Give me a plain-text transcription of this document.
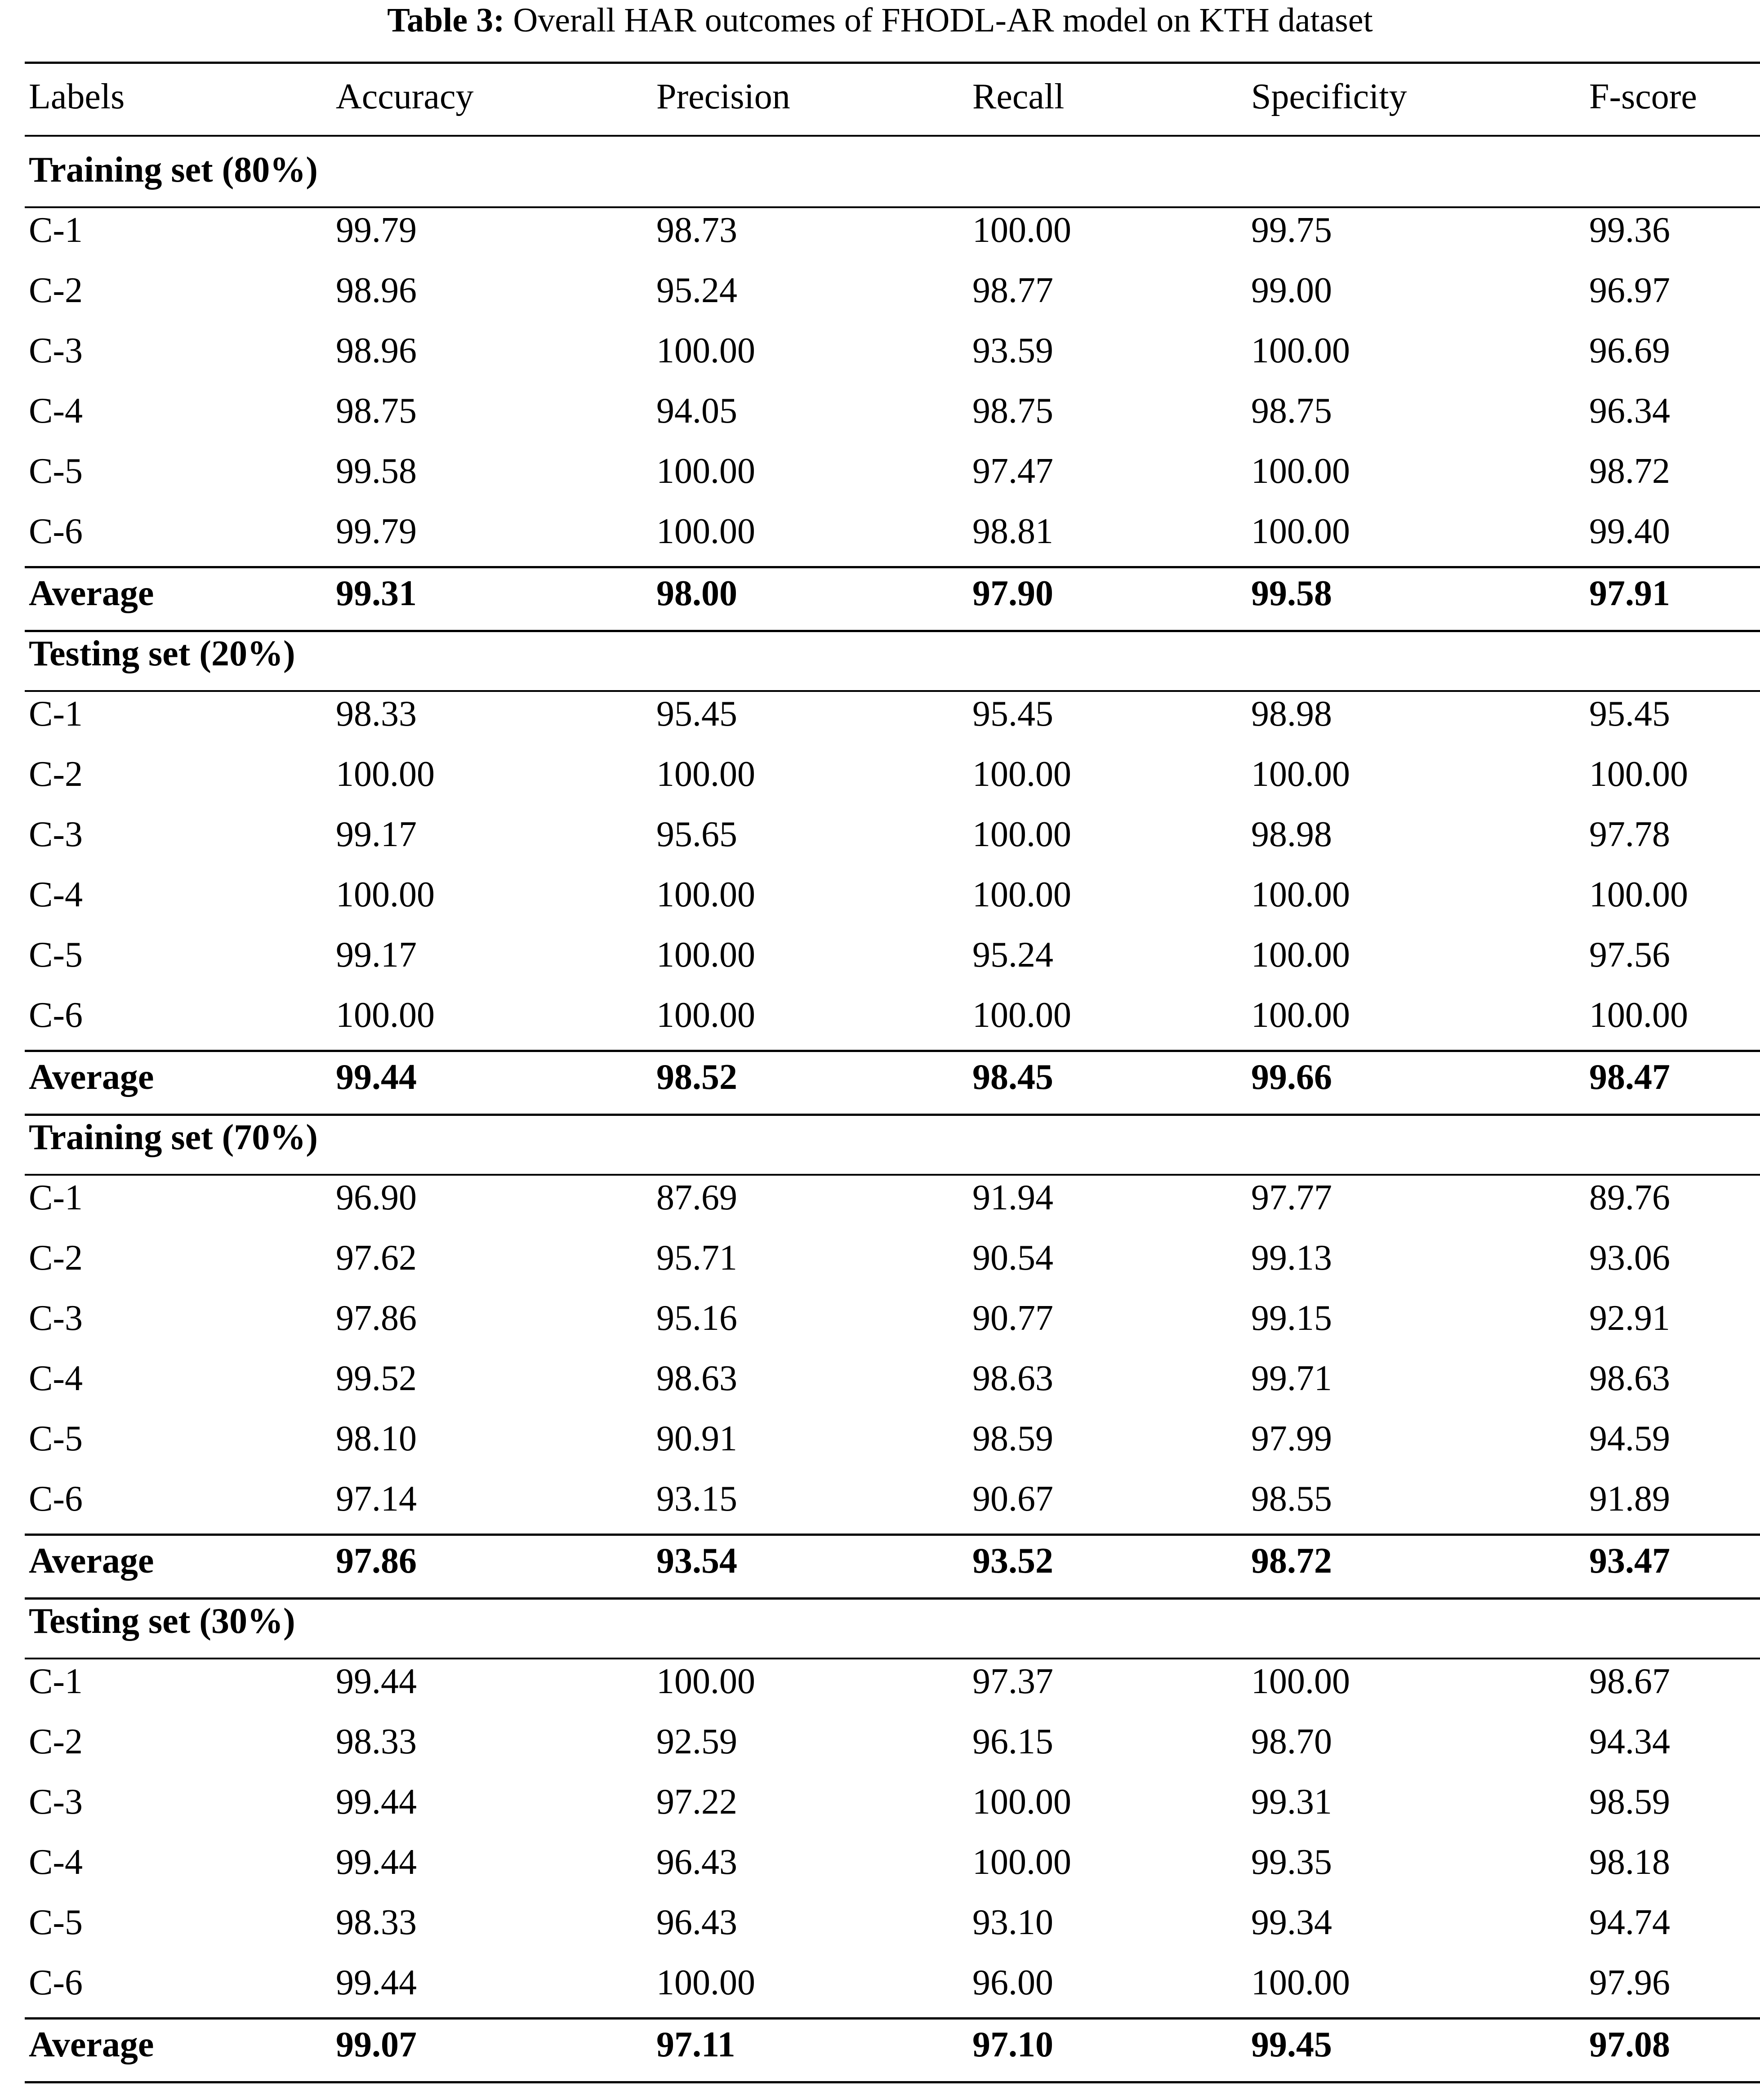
Table 3: Overall HAR outcomes of FHODL-AR model on KTH dataset
Labels	Accuracy	Precision	Recall	Specificity	F-score
Training set (80%)
C-1	99.79	98.73	100.00	99.75	99.36
C-2	98.96	95.24	98.77	99.00	96.97
C-3	98.96	100.00	93.59	100.00	96.69
C-4	98.75	94.05	98.75	98.75	96.34
C-5	99.58	100.00	97.47	100.00	98.72
C-6	99.79	100.00	98.81	100.00	99.40
Average	99.31	98.00	97.90	99.58	97.91
Testing set (20%)
C-1	98.33	95.45	95.45	98.98	95.45
C-2	100.00	100.00	100.00	100.00	100.00
C-3	99.17	95.65	100.00	98.98	97.78
C-4	100.00	100.00	100.00	100.00	100.00
C-5	99.17	100.00	95.24	100.00	97.56
C-6	100.00	100.00	100.00	100.00	100.00
Average	99.44	98.52	98.45	99.66	98.47
Training set (70%)
C-1	96.90	87.69	91.94	97.77	89.76
C-2	97.62	95.71	90.54	99.13	93.06
C-3	97.86	95.16	90.77	99.15	92.91
C-4	99.52	98.63	98.63	99.71	98.63
C-5	98.10	90.91	98.59	97.99	94.59
C-6	97.14	93.15	90.67	98.55	91.89
Average	97.86	93.54	93.52	98.72	93.47
Testing set (30%)
C-1	99.44	100.00	97.37	100.00	98.67
C-2	98.33	92.59	96.15	98.70	94.34
C-3	99.44	97.22	100.00	99.31	98.59
C-4	99.44	96.43	100.00	99.35	98.18
C-5	98.33	96.43	93.10	99.34	94.74
C-6	99.44	100.00	96.00	100.00	97.96
Average	99.07	97.11	97.10	99.45	97.08
